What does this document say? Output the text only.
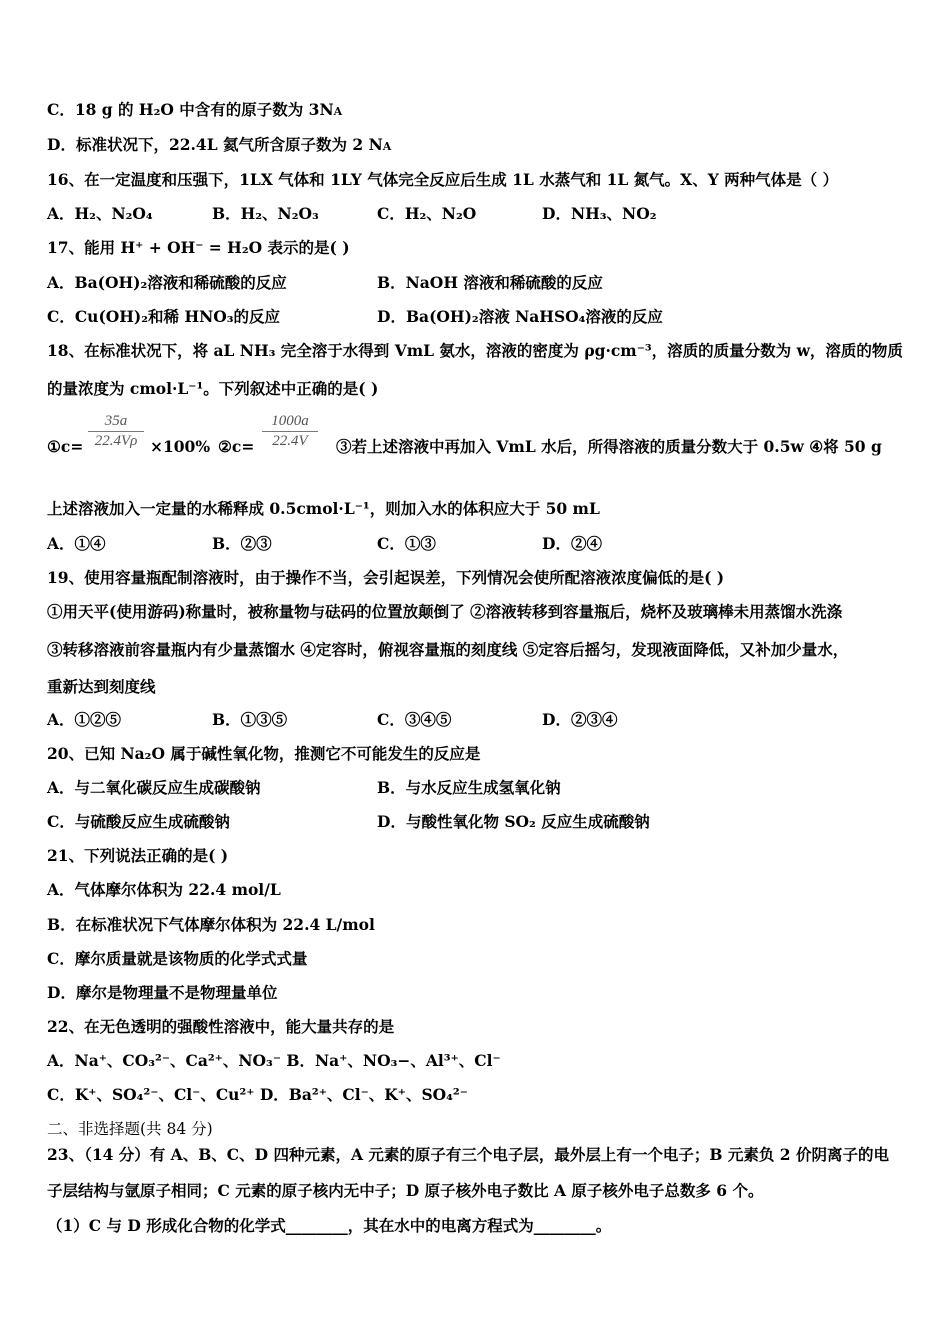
C．18 g 的 H₂O 中含有的原子数为 3NA
D．标准状况下，22.4L 氦气所含原子数为 2 NA
16、在一定温度和压强下，1LX 气体和 1LY 气体完全反应后生成 1L 水蒸气和 1L 氮气。X、Y 两种气体是（ ）
A．H₂、N₂O₄	B．H₂、N₂O₃	C．H₂、N₂O	D．NH₃、NO₂
17、能用 H⁺ + OH⁻ = H₂O 表示的是( )
A．Ba(OH)₂溶液和稀硫酸的反应	B．NaOH 溶液和稀硫酸的反应
C．Cu(OH)₂和稀 HNO₃的反应	D．Ba(OH)₂溶液 NaHSO₄溶液的反应
18、在标准状况下，将 aL NH₃ 完全溶于水得到 VmL 氨水，溶液的密度为 ρg·cm⁻³，溶质的质量分数为 w，溶质的物质
的量浓度为 cmol·L⁻¹。下列叙述中正确的是( )
①c= $\frac{35a}{22.4V\rho} \times 100\%$ ②c= $\frac{1000a}{22.4V}$ ③若上述溶液中再加入 VmL 水后，所得溶液的质量分数大于 0.5w ④将 50 g
上述溶液加入一定量的水稀释成 0.5cmol·L⁻¹，则加入水的体积应大于 50 mL
A．①④	B．②③	C．①③	D．②④
19、使用容量瓶配制溶液时，由于操作不当，会引起误差，下列情况会使所配溶液浓度偏低的是( )
①用天平(使用游码)称量时，被称量物与砝码的位置放颠倒了 ②溶液转移到容量瓶后，烧杯及玻璃棒未用蒸馏水洗涤
③转移溶液前容量瓶内有少量蒸馏水 ④定容时，俯视容量瓶的刻度线 ⑤定容后摇匀，发现液面降低，又补加少量水，
重新达到刻度线
A．①②⑤	B．①③⑤	C．③④⑤	D．②③④
20、已知 Na₂O 属于碱性氧化物，推测它不可能发生的反应是
A．与二氧化碳反应生成碳酸钠	B．与水反应生成氢氧化钠
C．与硫酸反应生成硫酸钠	D．与酸性氧化物 SO₂ 反应生成硫酸钠
21、下列说法正确的是( )
A．气体摩尔体积为 22.4 mol/L
B．在标准状况下气体摩尔体积为 22.4 L/mol
C．摩尔质量就是该物质的化学式式量
D．摩尔是物理量不是物理量单位
22、在无色透明的强酸性溶液中，能大量共存的是
A．Na⁺、CO₃²⁻、Ca²⁺、NO₃⁻ B．Na⁺、NO₃−、Al³⁺、Cl⁻
C．K⁺、SO₄²⁻、Cl⁻、Cu²⁺ D．Ba²⁺、Cl⁻、K⁺、SO₄²⁻
二、非选择题(共 84 分)
23、（14 分）有 A、B、C、D 四种元素，A 元素的原子有三个电子层，最外层上有一个电子；B 元素负 2 价阴离子的电
子层结构与氩原子相同；C 元素的原子核内无中子；D 原子核外电子数比 A 原子核外电子总数多 6 个。
（1）C 与 D 形成化合物的化学式________，其在水中的电离方程式为________。
